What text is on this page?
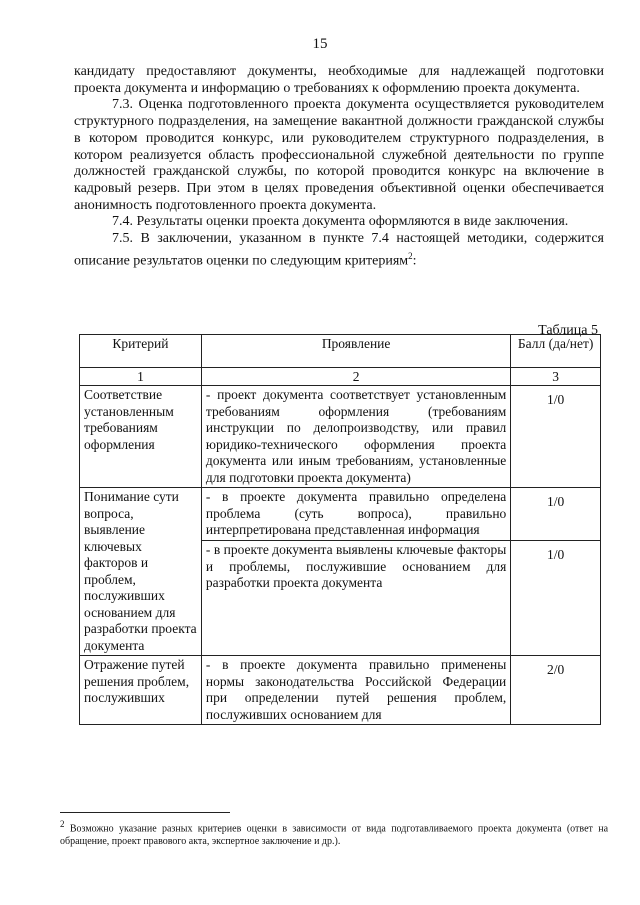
15

кандидату предоставляют документы, необходимые для надлежащей подготовки проекта документа и информацию о требованиях к оформлению проекта документа.

7.3. Оценка подготовленного проекта документа осуществляется руководителем структурного подразделения, на замещение вакантной должности гражданской службы в котором проводится конкурс, или руководителем структурного подразделения, в котором реализуется область профессиональной служебной деятельности по группе должностей гражданской службы, по которой проводится конкурс на включение в кадровый резерв. При этом в целях проведения объективной оценки обеспечивается анонимность подготовленного проекта документа.

7.4. Результаты оценки проекта документа оформляются в виде заключения.

7.5. В заключении, указанном в пункте 7.4 настоящей методики, содержится описание результатов оценки по следующим критериям$^2$:

Таблица 5
Критерий	Проявление	Балл (да/нет)
1	2	3
Соответствие установленным требованиям оформления	- проект документа соответствует установленным требованиям оформления (требованиям инструкции по делопроизводству, или правил юридико-технического оформления проекта документа или иным требованиям, установленные для подготовки проекта документа)	1/0
Понимание сути вопроса, выявление ключевых факторов и проблем, послуживших основанием для разработки проекта документа	- в проекте документа правильно определена проблема (суть вопроса), правильно интерпретирована представленная информация	1/0
	- в проекте документа выявлены ключевые факторы и проблемы, послужившие основанием для разработки проекта документа	1/0
Отражение путей решения проблем, послуживших	- в проекте документа правильно применены нормы законодательства Российской Федерации при определении путей решения проблем, послуживших основанием для	2/0
$^2$ Возможно указание разных критериев оценки в зависимости от вида подготавливаемого проекта документа (ответ на обращение, проект правового акта, экспертное заключение и др.).
